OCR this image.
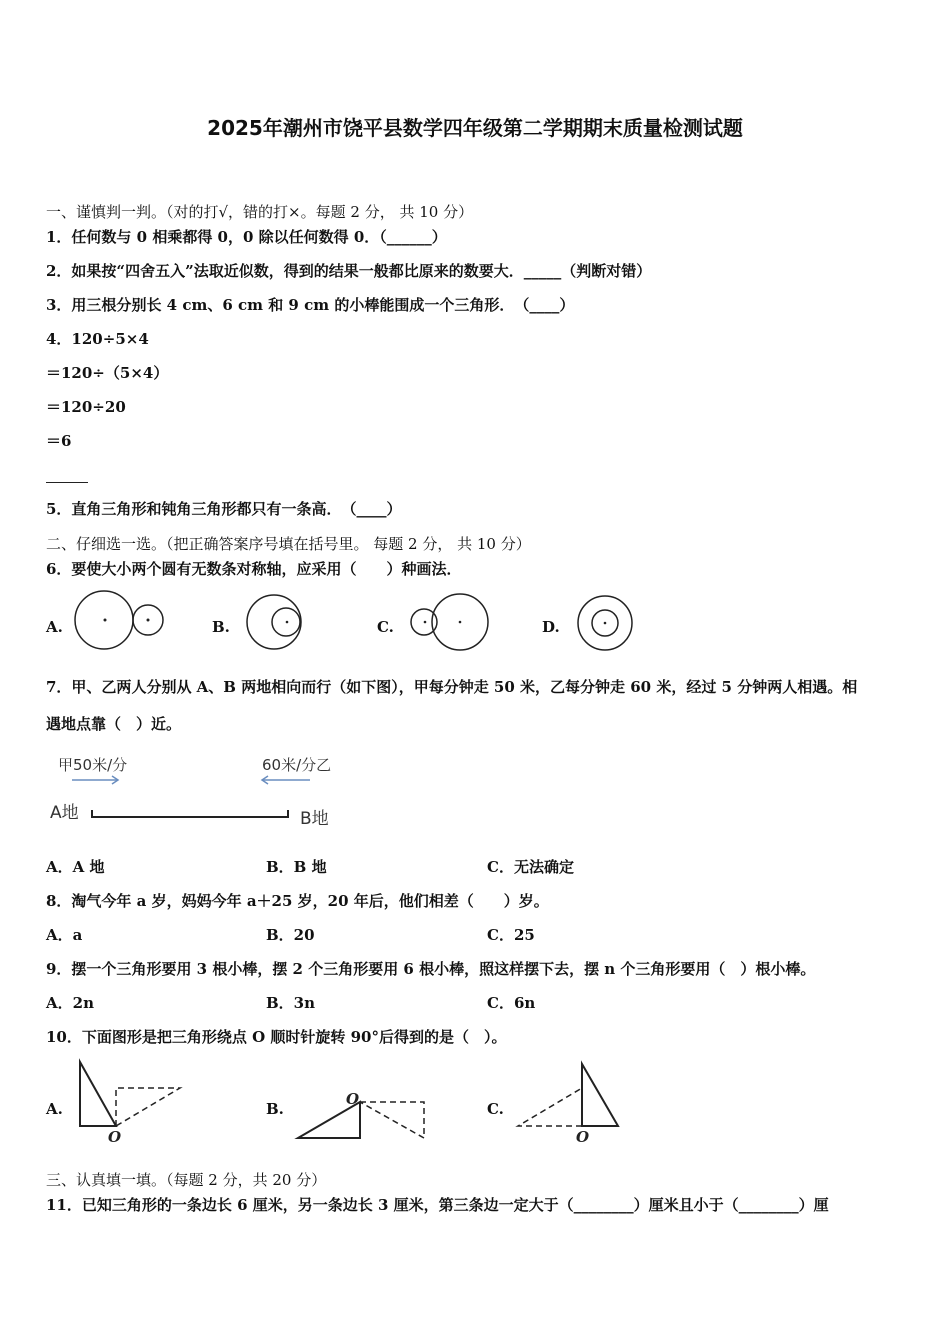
2025年潮州市饶平县数学四年级第二学期期末质量检测试题
一、谨慎判一判。（对的打√，错的打×。每题 2 分， 共 10 分）
1．任何数与 0 相乘都得 0，0 除以任何数得 0．（______）
2．如果按“四舍五入”法取近似数，得到的结果一般都比原来的数要大．_____（判断对错）
3．用三根分别长 4 cm、6 cm 和 9 cm 的小棒能围成一个三角形．　（____）
4．120÷5×4
＝120÷（5×4）
＝120÷20
＝6
5．直角三角形和钝角三角形都只有一条高．　（____）
二、仔细选一选。（把正确答案序号填在括号里。 每题 2 分， 共 10 分）
6．要使大小两个圆有无数条对称轴，应采用（　　）种画法．
A.	B.	C.	D.
7．甲、乙两人分别从 A、B 两地相向而行（如下图），甲每分钟走 50 米，乙每分钟走 60 米，经过 5 分钟两人相遇。相
遇地点靠（　）近。
甲50米/分	60米/分乙
A地	B地
A．A 地	B．B 地	C．无法确定
8．淘气今年 a 岁，妈妈今年 a＋25 岁，20 年后，他们相差（　　）岁。
A．a	B．20	C．25
9．摆一个三角形要用 3 根小棒，摆 2 个三角形要用 6 根小棒，照这样摆下去，摆 n 个三角形要用（　）根小棒。
A．2n	B．3n	C．6n
10．下面图形是把三角形绕点 O 顺时针旋转 90°后得到的是（　）。
A.
O
B.
O
C.
O
三、认真填一填。（每题 2 分，共 20 分）
11．已知三角形的一条边长 6 厘米，另一条边长 3 厘米，第三条边一定大于（________）厘米且小于（________）厘
